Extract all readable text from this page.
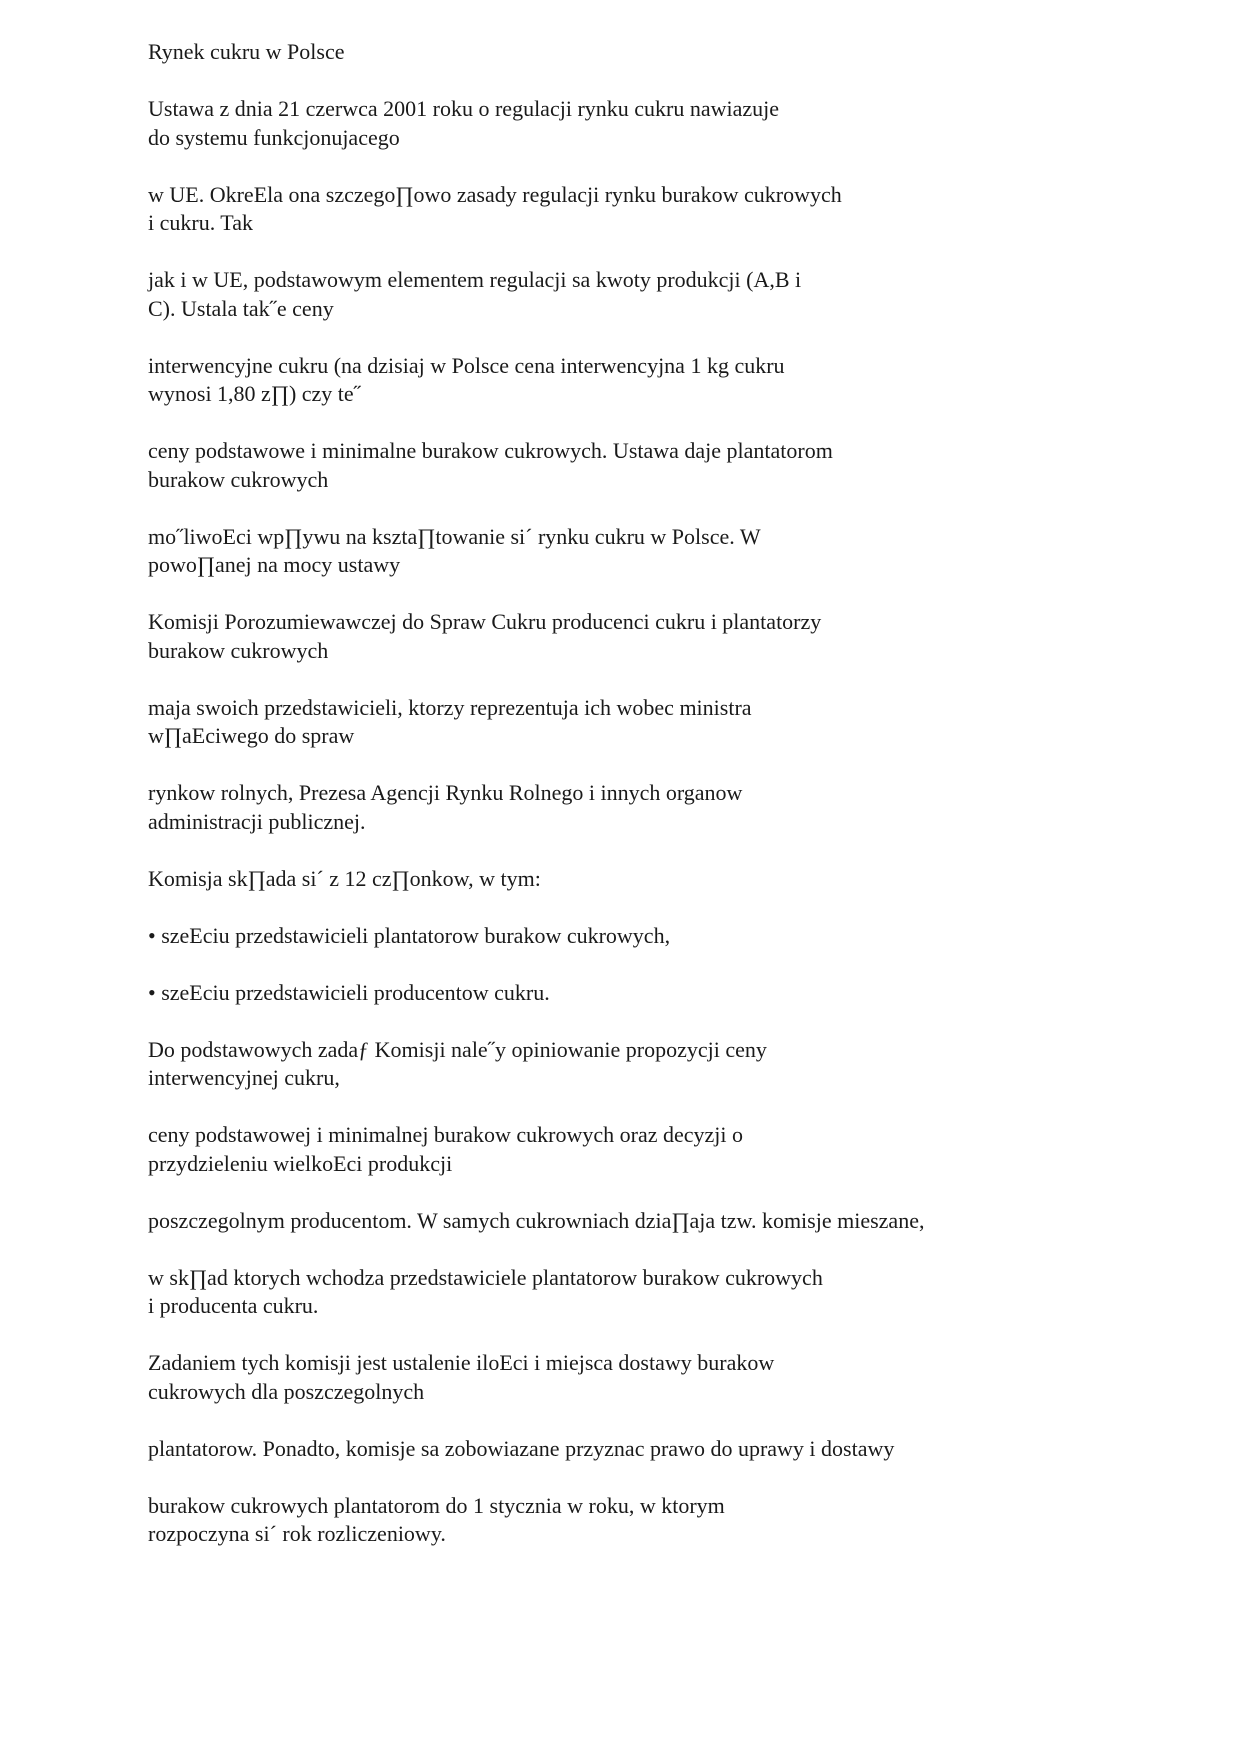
Rynek cukru w Polsce

Ustawa z dnia 21 czerwca 2001 roku o regulacji rynku cukru nawiazuje
do systemu funkcjonujacego

w UE. OkreEla ona szczego∏owo zasady regulacji rynku burakow cukrowych
i cukru. Tak

jak i w UE, podstawowym elementem regulacji sa kwoty produkcji (A,B i
C). Ustala tak˝e ceny

interwencyjne cukru (na dzisiaj w Polsce cena interwencyjna 1 kg cukru
wynosi 1,80 z∏) czy te˝

ceny podstawowe i minimalne burakow cukrowych. Ustawa daje plantatorom
burakow cukrowych

mo˝liwoEci wp∏ywu na kszta∏towanie si´ rynku cukru w Polsce. W
powo∏anej na mocy ustawy

Komisji Porozumiewawczej do Spraw Cukru producenci cukru i plantatorzy
burakow cukrowych

maja swoich przedstawicieli, ktorzy reprezentuja ich wobec ministra
w∏aEciwego do spraw

rynkow rolnych, Prezesa Agencji Rynku Rolnego i innych organow
administracji publicznej.

Komisja sk∏ada si´ z 12 cz∏onkow, w tym:

• szeEciu przedstawicieli plantatorow burakow cukrowych,

• szeEciu przedstawicieli producentow cukru.

Do podstawowych zadaƒ Komisji nale˝y opiniowanie propozycji ceny
interwencyjnej cukru,

ceny podstawowej i minimalnej burakow cukrowych oraz decyzji o
przydzieleniu wielkoEci produkcji

poszczegolnym producentom. W samych cukrowniach dzia∏aja tzw. komisje mieszane,

w sk∏ad ktorych wchodza przedstawiciele plantatorow burakow cukrowych
i producenta cukru.

Zadaniem tych komisji jest ustalenie iloEci i miejsca dostawy burakow
cukrowych dla poszczegolnych

plantatorow. Ponadto, komisje sa zobowiazane przyznac prawo do uprawy i dostawy

burakow cukrowych plantatorom do 1 stycznia w roku, w ktorym
rozpoczyna si´ rok rozliczeniowy.
